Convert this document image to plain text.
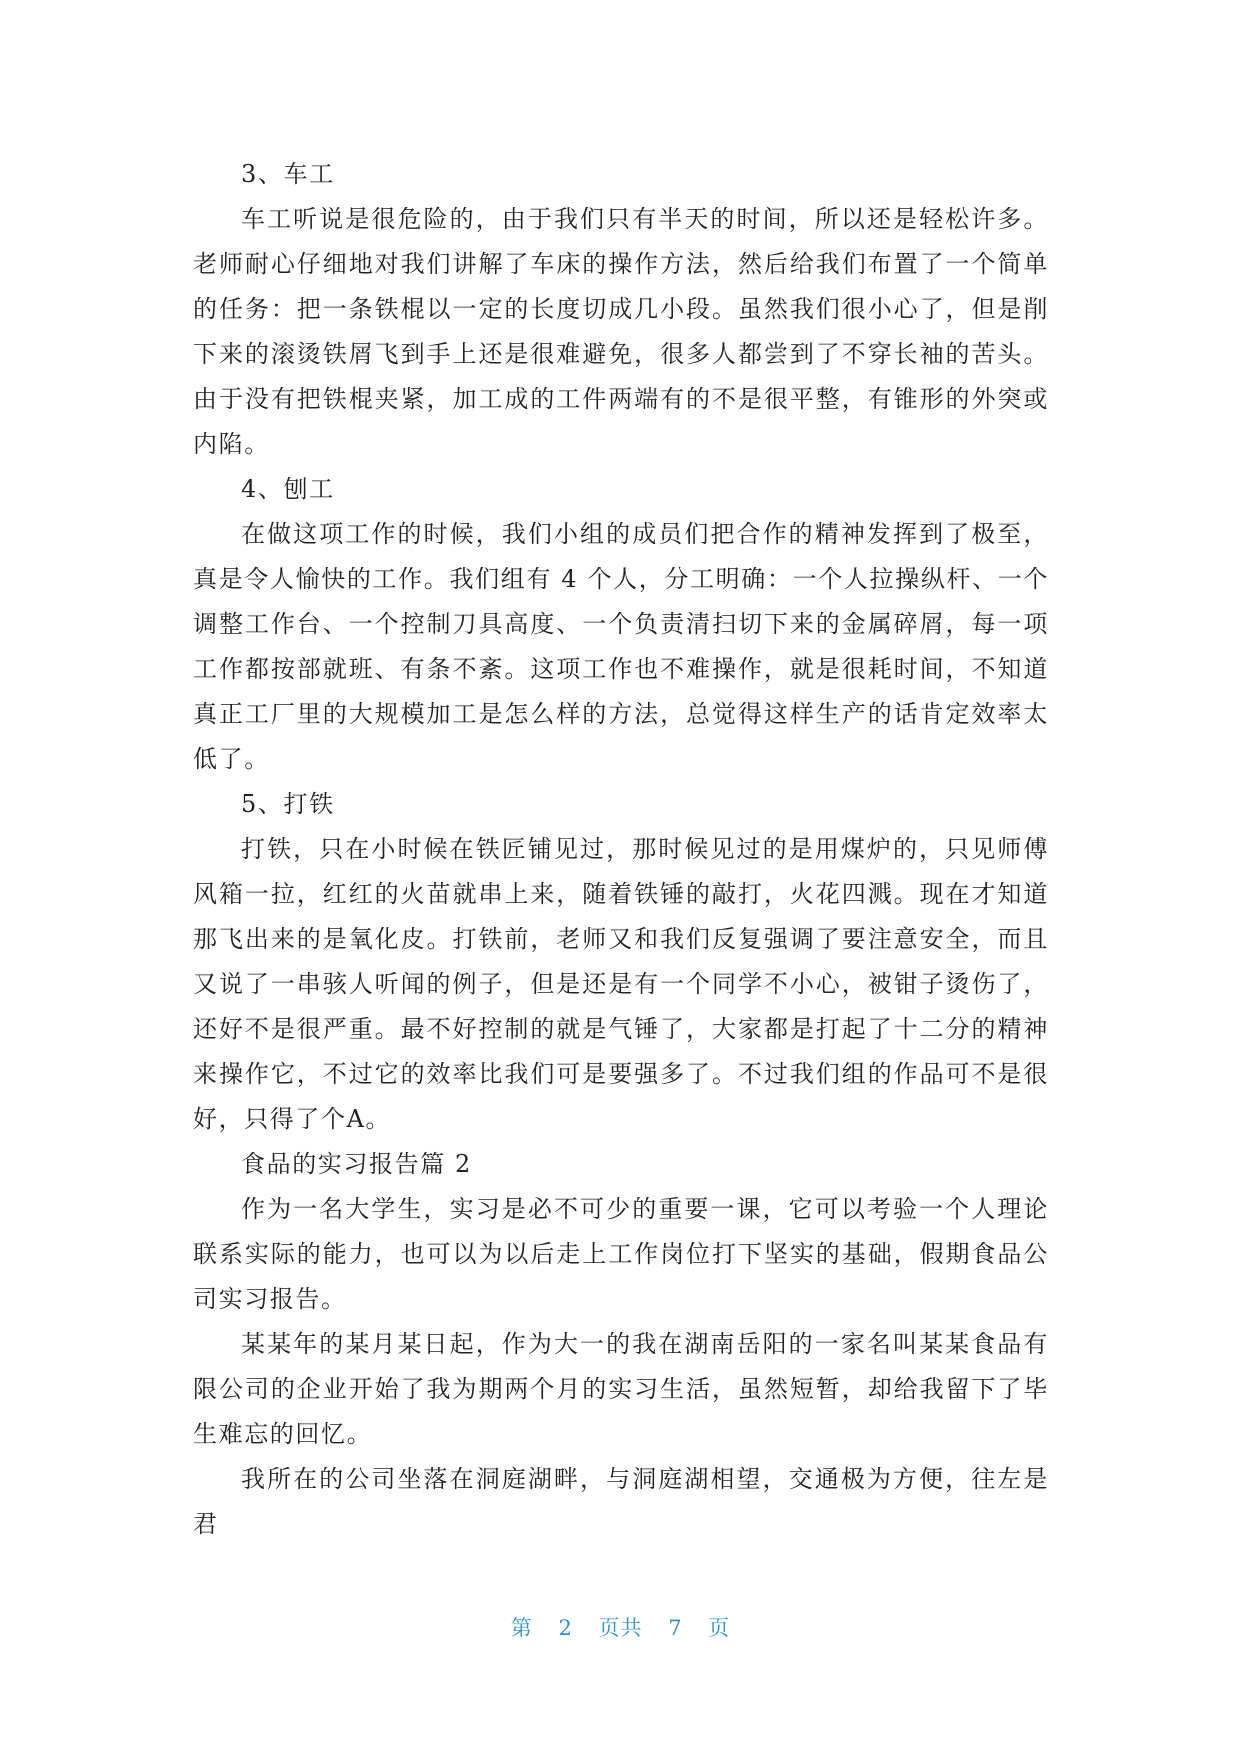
3、车工

车工听说是很危险的，由于我们只有半天的时间，所以还是轻松许多。老师耐心仔细地对我们讲解了车床的操作方法，然后给我们布置了一个简单的任务：把一条铁棍以一定的长度切成几小段。虽然我们很小心了，但是削下来的滚烫铁屑飞到手上还是很难避免，很多人都尝到了不穿长袖的苦头。由于没有把铁棍夹紧，加工成的工件两端有的不是很平整，有锥形的外突或内陷。

4、刨工

在做这项工作的时候，我们小组的成员们把合作的精神发挥到了极至，真是令人愉快的工作。我们组有 4 个人，分工明确：一个人拉操纵杆、一个调整工作台、一个控制刀具高度、一个负责清扫切下来的金属碎屑，每一项工作都按部就班、有条不紊。这项工作也不难操作，就是很耗时间，不知道真正工厂里的大规模加工是怎么样的方法，总觉得这样生产的话肯定效率太低了。

5、打铁

打铁，只在小时候在铁匠铺见过，那时候见过的是用煤炉的，只见师傅风箱一拉，红红的火苗就串上来，随着铁锤的敲打，火花四溅。现在才知道那飞出来的是氧化皮。打铁前，老师又和我们反复强调了要注意安全，而且又说了一串骇人听闻的例子，但是还是有一个同学不小心，被钳子烫伤了，还好不是很严重。最不好控制的就是气锤了，大家都是打起了十二分的精神来操作它，不过它的效率比我们可是要强多了。不过我们组的作品可不是很好，只得了个A。

食品的实习报告篇 2

作为一名大学生，实习是必不可少的重要一课，它可以考验一个人理论联系实际的能力，也可以为以后走上工作岗位打下坚实的基础，假期食品公司实习报告。

某某年的某月某日起，作为大一的我在湖南岳阳的一家名叫某某食品有限公司的企业开始了我为期两个月的实习生活，虽然短暂，却给我留下了毕生难忘的回忆。

我所在的公司坐落在洞庭湖畔，与洞庭湖相望，交通极为方便，往左是君

第 2 页共 7 页
